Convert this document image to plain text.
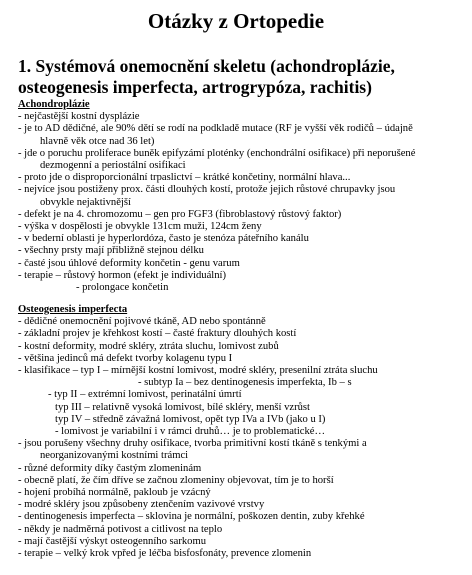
Otázky z Ortopedie
1. Systémová onemocnění skeletu (achondroplázie,
osteogenesis imperfecta, artrogrypóza, rachitis)
Achondroplázie
- nejčastější kostní dysplázie
- je to AD dědičné, ale 90% dětí se rodí na podkladě mutace (RF je vyšší věk rodičů – údajně
hlavně věk otce nad 36 let)
- jde o poruchu proliferace buněk epifyzámí ploténky (enchondrální osifikace) při neporušené
dezmogenní a periostální osifikaci
- proto jde o disproporcionální trpaslictví – krátké končetiny, normální hlava...
- nejvíce jsou postiženy prox. části dlouhých kostí, protože jejich růstové chrupavky jsou
obvykle nejaktivnější
- defekt je na 4. chromozomu – gen pro FGF3 (fibroblastový růstový faktor)
- výška v dospělosti je obvykle 131cm muži, 124cm ženy
- v bederní oblasti je hyperlordóza, často je stenóza páteřního kanálu
- všechny prsty mají přibližně stejnou délku
- časté jsou úhlové deformity končetin - genu varum
- terapie – růstový hormon (efekt je individuální)
- prolongace končetin
Osteogenesis imperfecta
- dědičné onemocnění pojivové tkáně, AD nebo spontánně
- základní projev je křehkost kostí – časté fraktury dlouhých kostí
- kostní deformity, modré skléry, ztráta sluchu, lomivost zubů
- většina jedinců má defekt tvorby kolagenu typu I
- klasifikace – typ I – mírnější kostní lomivost, modré skléry, presenilní ztráta sluchu
- subtyp Ia – bez dentinogenesis imperfekta, Ib – s
- typ II – extrémní lomivost, perinatální úmrtí
typ III – relativně vysoká lomivost, bílé skléry, menší vzrůst
typ IV – středně závažná lomivost, opět typ IVa a IVb (jako u I)
- lomivost je variabilní i v rámci druhů… je to problematické…
- jsou porušeny všechny druhy osifikace, tvorba primitivní kostí tkáně s tenkými a
neorganizovanými kostními trámci
- různé deformity díky častým zlomeninám
- obecně platí, že čím dříve se začnou zlomeniny objevovat, tím je to horší
- hojení probíhá normálně, pakloub je vzácný
- modré skléry jsou způsobeny ztenčením vazivové vrstvy
- dentinogenesis imperfecta – sklovina je normální, poškozen dentin, zuby křehké
- někdy je nadměrná potivost a citlivost na teplo
- mají častější výskyt osteogenního sarkomu
- terapie – velký krok vpřed je léčba bisfosfonáty, prevence zlomenin
